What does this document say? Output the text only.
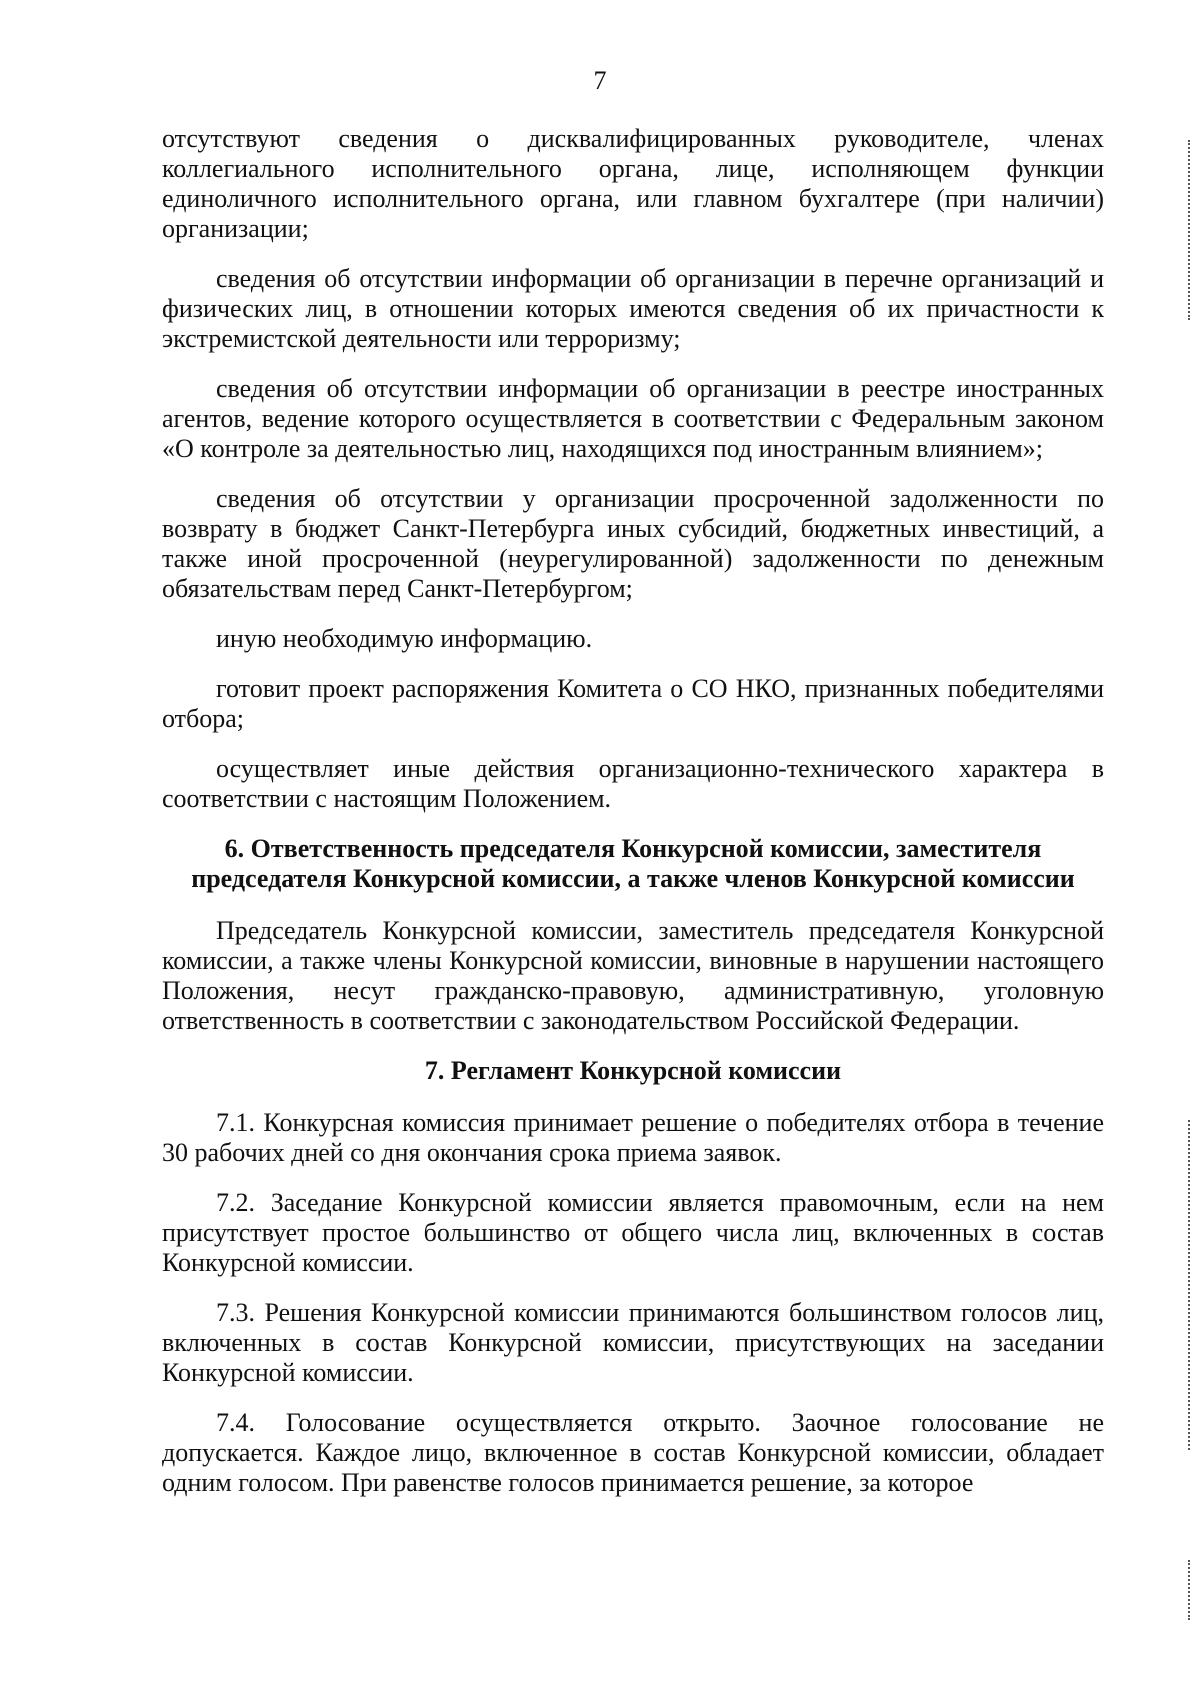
7

отсутствуют сведения о дисквалифицированных руководителе, членах коллегиального исполнительного органа, лице, исполняющем функции единоличного исполнительного органа, или главном бухгалтере (при наличии) организации;

сведения об отсутствии информации об организации в перечне организаций и физических лиц, в отношении которых имеются сведения об их причастности к экстремистской деятельности или терроризму;

сведения об отсутствии информации об организации в реестре иностранных агентов, ведение которого осуществляется в соответствии с Федеральным законом «О контроле за деятельностью лиц, находящихся под иностранным влиянием»;

сведения об отсутствии у организации просроченной задолженности по возврату в бюджет Санкт-Петербурга иных субсидий, бюджетных инвестиций, а также иной просроченной (неурегулированной) задолженности по денежным обязательствам перед Санкт-Петербургом;

иную необходимую информацию.

готовит проект распоряжения Комитета о СО НКО, признанных победителями отбора;

осуществляет иные действия организационно-технического характера в соответствии с настоящим Положением.

6. Ответственность председателя Конкурсной комиссии, заместителя
председателя Конкурсной комиссии, а также членов Конкурсной комиссии

Председатель Конкурсной комиссии, заместитель председателя Конкурсной комиссии, а также члены Конкурсной комиссии, виновные в нарушении настоящего Положения, несут гражданско-правовую, административную, уголовную ответственность в соответствии с законодательством Российской Федерации.

7. Регламент Конкурсной комиссии

7.1. Конкурсная комиссия принимает решение о победителях отбора в течение 30 рабочих дней со дня окончания срока приема заявок.

7.2. Заседание Конкурсной комиссии является правомочным, если на нем присутствует простое большинство от общего числа лиц, включенных в состав Конкурсной комиссии.

7.3. Решения Конкурсной комиссии принимаются большинством голосов лиц, включенных в состав Конкурсной комиссии, присутствующих на заседании Конкурсной комиссии.

7.4. Голосование осуществляется открыто. Заочное голосование не допускается. Каждое лицо, включенное в состав Конкурсной комиссии, обладает одним голосом. При равенстве голосов принимается решение, за которое
